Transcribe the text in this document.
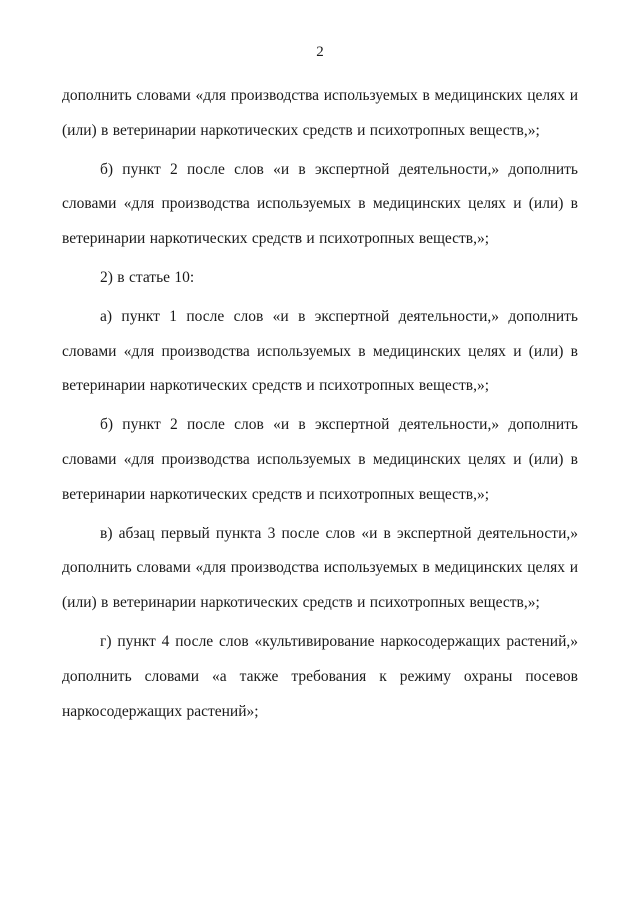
2

дополнить словами «для производства используемых в медицинских целях и (или) в ветеринарии наркотических средств и психотропных веществ,»;

б) пункт 2 после слов «и в экспертной деятельности,» дополнить словами «для производства используемых в медицинских целях и (или) в ветеринарии наркотических средств и психотропных веществ,»;

2) в статье 10:

а) пункт 1 после слов «и в экспертной деятельности,» дополнить словами «для производства используемых в медицинских целях и (или) в ветеринарии наркотических средств и психотропных веществ,»;

б) пункт 2 после слов «и в экспертной деятельности,» дополнить словами «для производства используемых в медицинских целях и (или) в ветеринарии наркотических средств и психотропных веществ,»;

в) абзац первый пункта 3 после слов «и в экспертной деятельности,» дополнить словами «для производства используемых в медицинских целях и (или) в ветеринарии наркотических средств и психотропных веществ,»;

г) пункт 4 после слов «культивирование наркосодержащих растений,» дополнить словами «а также требования к режиму охраны посевов наркосодержащих растений»;
